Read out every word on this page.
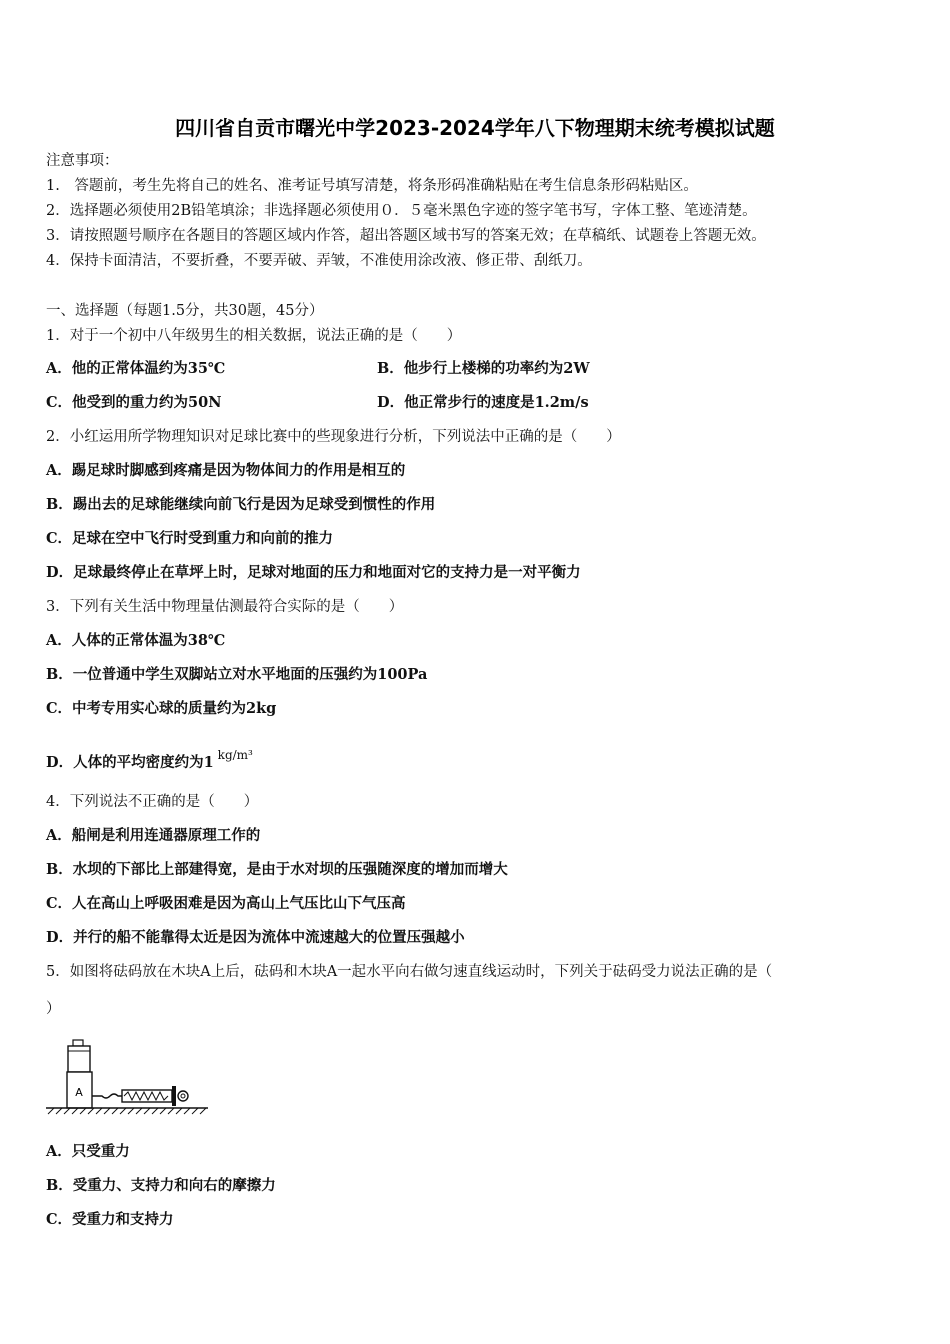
四川省自贡市曙光中学2023-2024学年八下物理期末统考模拟试题
注意事项：
1.　答题前，考生先将自己的姓名、准考证号填写清楚，将条形码准确粘贴在考生信息条形码粘贴区。
2．选择题必须使用2B铅笔填涂；非选择题必须使用０．５毫米黑色字迹的签字笔书写，字体工整、笔迹清楚。
3．请按照题号顺序在各题目的答题区域内作答，超出答题区域书写的答案无效；在草稿纸、试题卷上答题无效。
4．保持卡面清洁，不要折叠，不要弄破、弄皱，不准使用涂改液、修正带、刮纸刀。
一、选择题（每题1.5分，共30题，45分）
1．对于一个初中八年级男生的相关数据，说法正确的是（　　）
A．他的正常体温约为35℃	B．他步行上楼梯的功率约为2W
C．他受到的重力约为50N	D．他正常步行的速度是1.2m/s
2．小红运用所学物理知识对足球比赛中的些现象进行分析，下列说法中正确的是（　　）
A．踢足球时脚感到疼痛是因为物体间力的作用是相互的
B．踢出去的足球能继续向前飞行是因为足球受到惯性的作用
C．足球在空中飞行时受到重力和向前的推力
D．足球最终停止在草坪上时，足球对地面的压力和地面对它的支持力是一对平衡力
3．下列有关生活中物理量估测最符合实际的是（　　）
A．人体的正常体温为38℃
B．一位普通中学生双脚站立对水平地面的压强约为100Pa
C．中考专用实心球的质量约为2kg
D．人体的平均密度约为1 $^{kg/m^3}$
4．下列说法不正确的是（　　）
A．船闸是利用连通器原理工作的
B．水坝的下部比上部建得宽，是由于水对坝的压强随深度的增加而增大
C．人在高山上呼吸困难是因为高山上气压比山下气压高
D．并行的船不能靠得太近是因为流体中流速越大的位置压强越小
5．如图将砝码放在木块A上后，砝码和木块A一起水平向右做匀速直线运动时，下列关于砝码受力说法正确的是（
）
A
A．只受重力
B．受重力、支持力和向右的摩擦力
C．受重力和支持力
